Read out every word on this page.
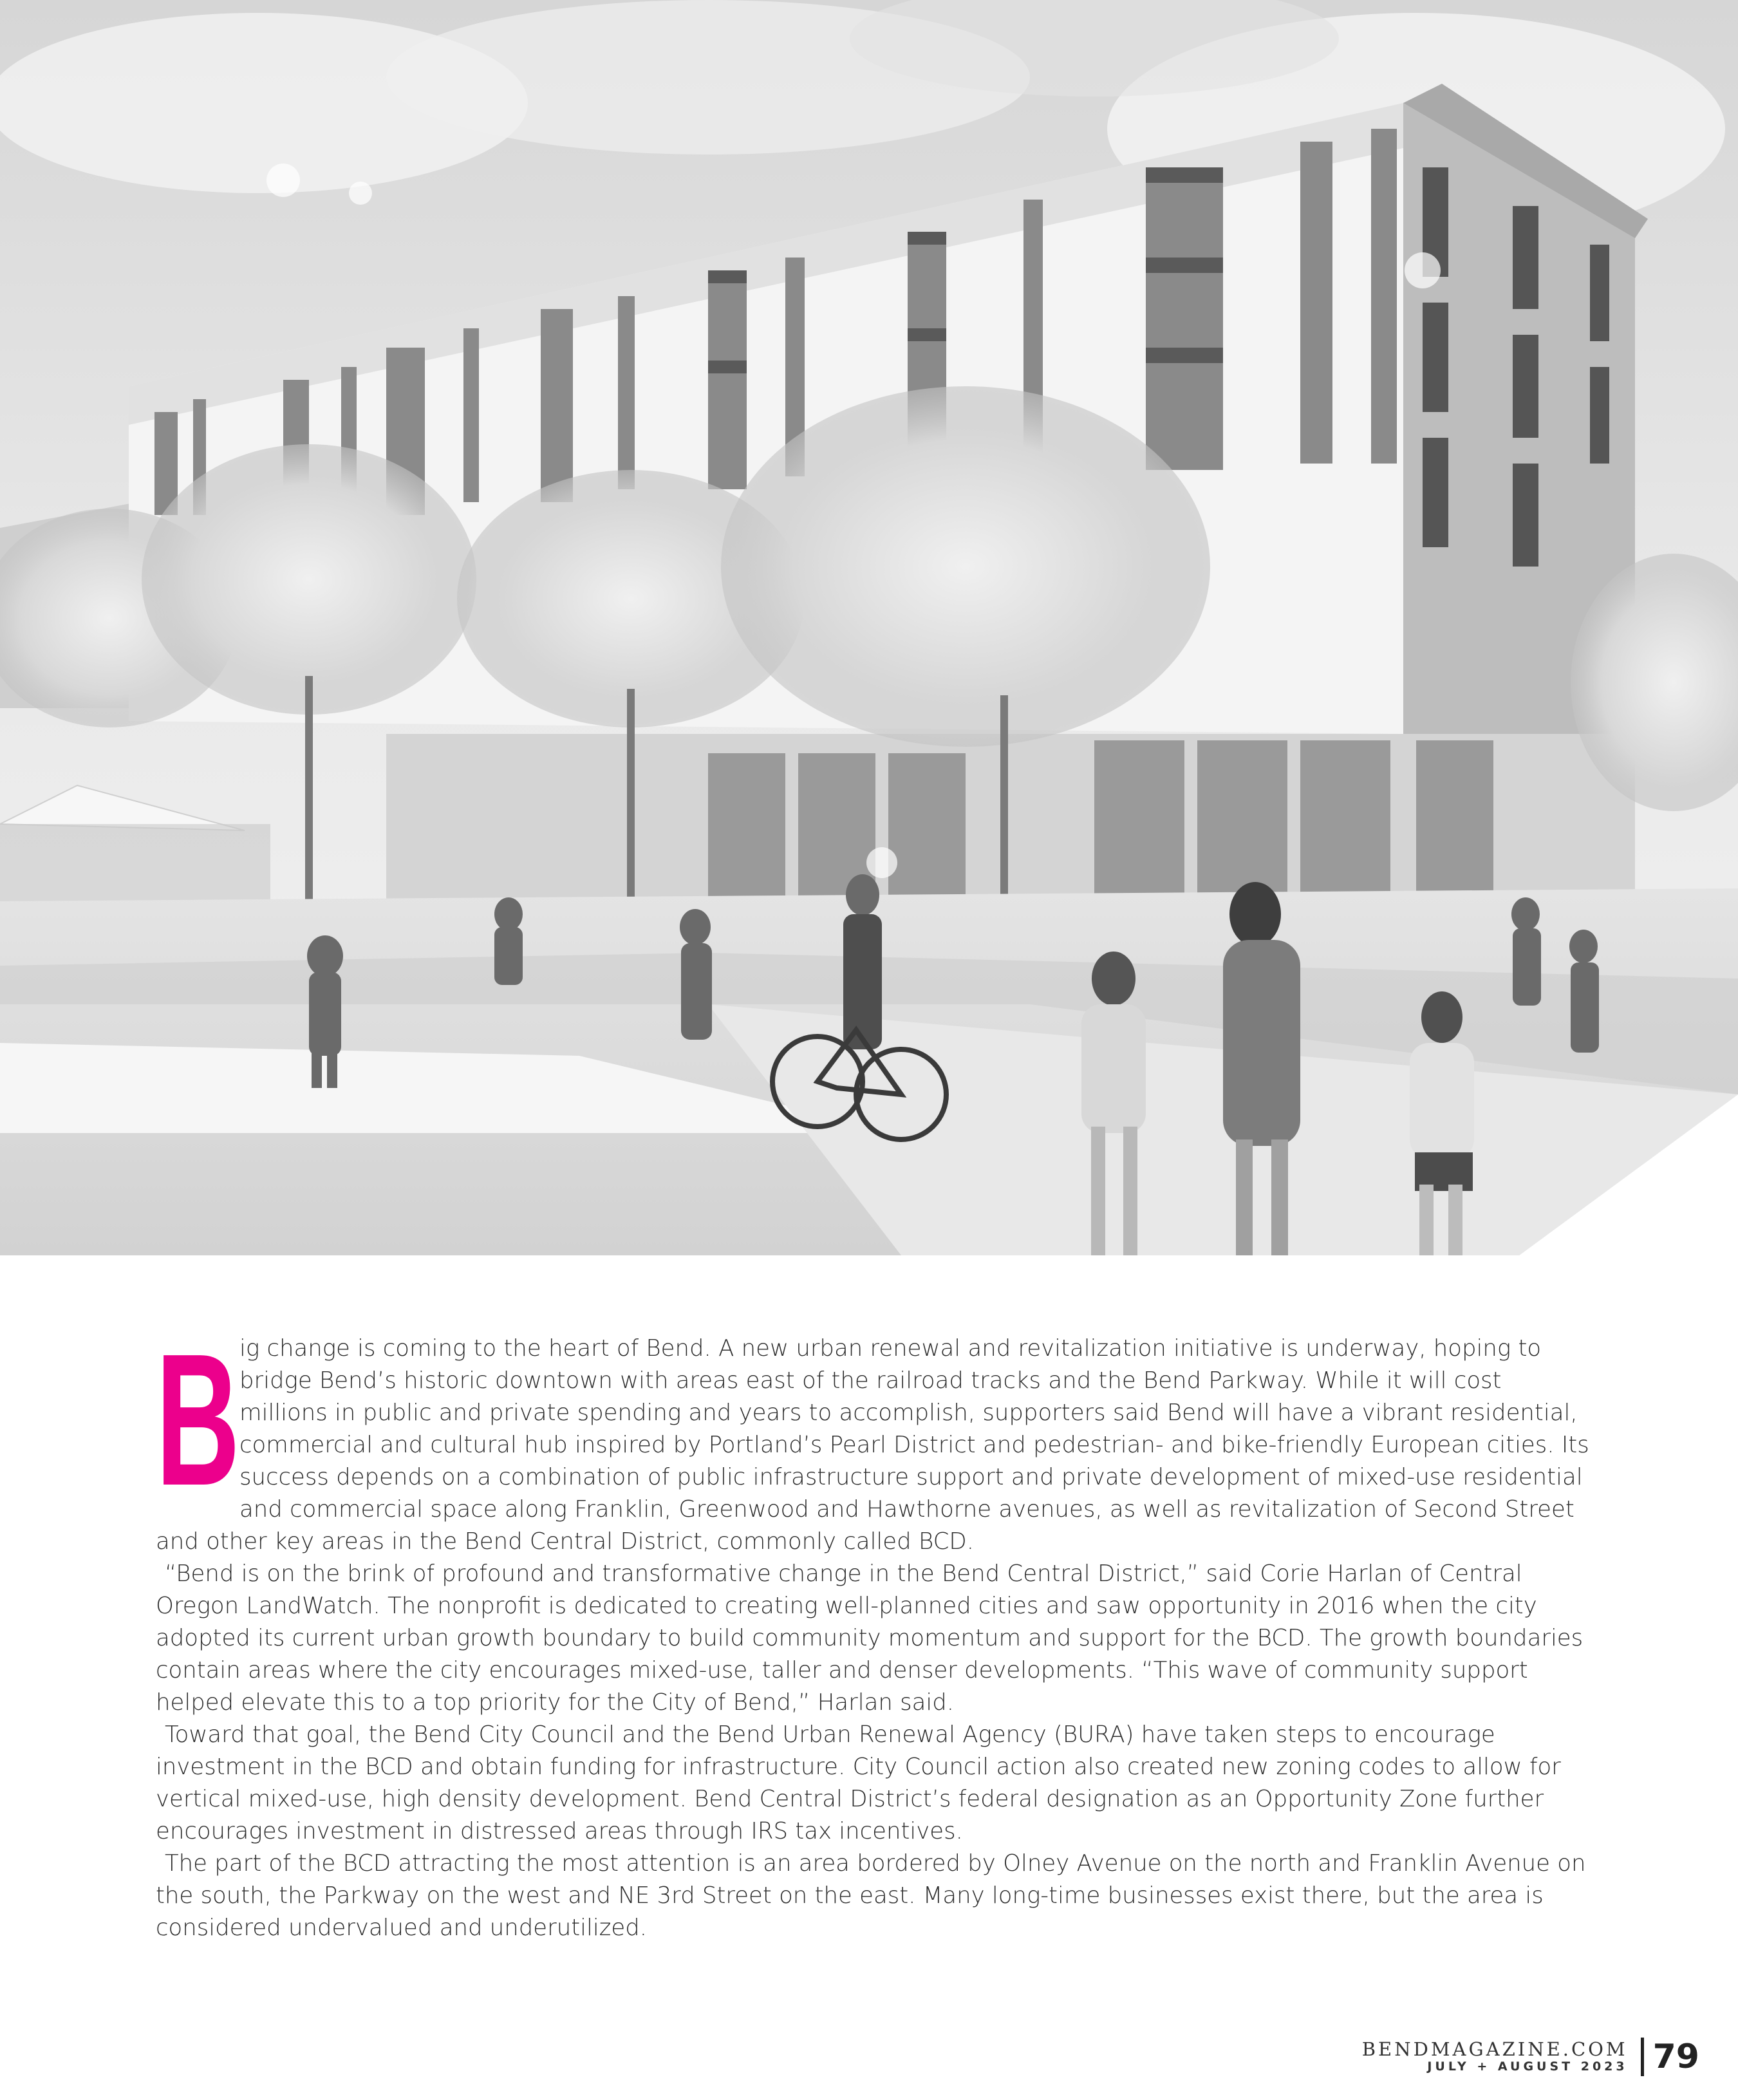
Big change is coming to the heart of Bend. A new urban renewal and revitalization initiative is underway, hoping to bridge Bend’s historic downtown with areas east of the railroad tracks and the Bend Parkway. While it will cost millions in public and private spending and years to accomplish, supporters said Bend will have a vibrant residential, commercial and cultural hub inspired by Portland’s Pearl District and pedestrian- and bike-friendly European cities. Its success depends on a combination of public infrastructure support and private development of mixed-use residential and commercial space along Franklin, Greenwood and Hawthorne avenues, as well as revitalization of Second Street and other key areas in the Bend Central District, commonly called BCD.

“Bend is on the brink of profound and transformative change in the Bend Central District,” said Corie Harlan of Central Oregon LandWatch. The nonprofit is dedicated to creating well-planned cities and saw opportunity in 2016 when the city adopted its current urban growth boundary to build community momentum and support for the BCD. The growth boundaries contain areas where the city encourages mixed-use, taller and denser developments. “This wave of community support helped elevate this to a top priority for the City of Bend,” Harlan said.

Toward that goal, the Bend City Council and the Bend Urban Renewal Agency (BURA) have taken steps to encourage investment in the BCD and obtain funding for infrastructure. City Council action also created new zoning codes to allow for vertical mixed-use, high density development. Bend Central District’s federal designation as an Opportunity Zone further encourages investment in distressed areas through IRS tax incentives.

The part of the BCD attracting the most attention is an area bordered by Olney Avenue on the north and Franklin Avenue on the south, the Parkway on the west and NE 3rd Street on the east. Many long-time businesses exist there, but the area is considered undervalued and underutilized.

BENDMAGAZINE.COM
JULY + AUGUST 2023 79
